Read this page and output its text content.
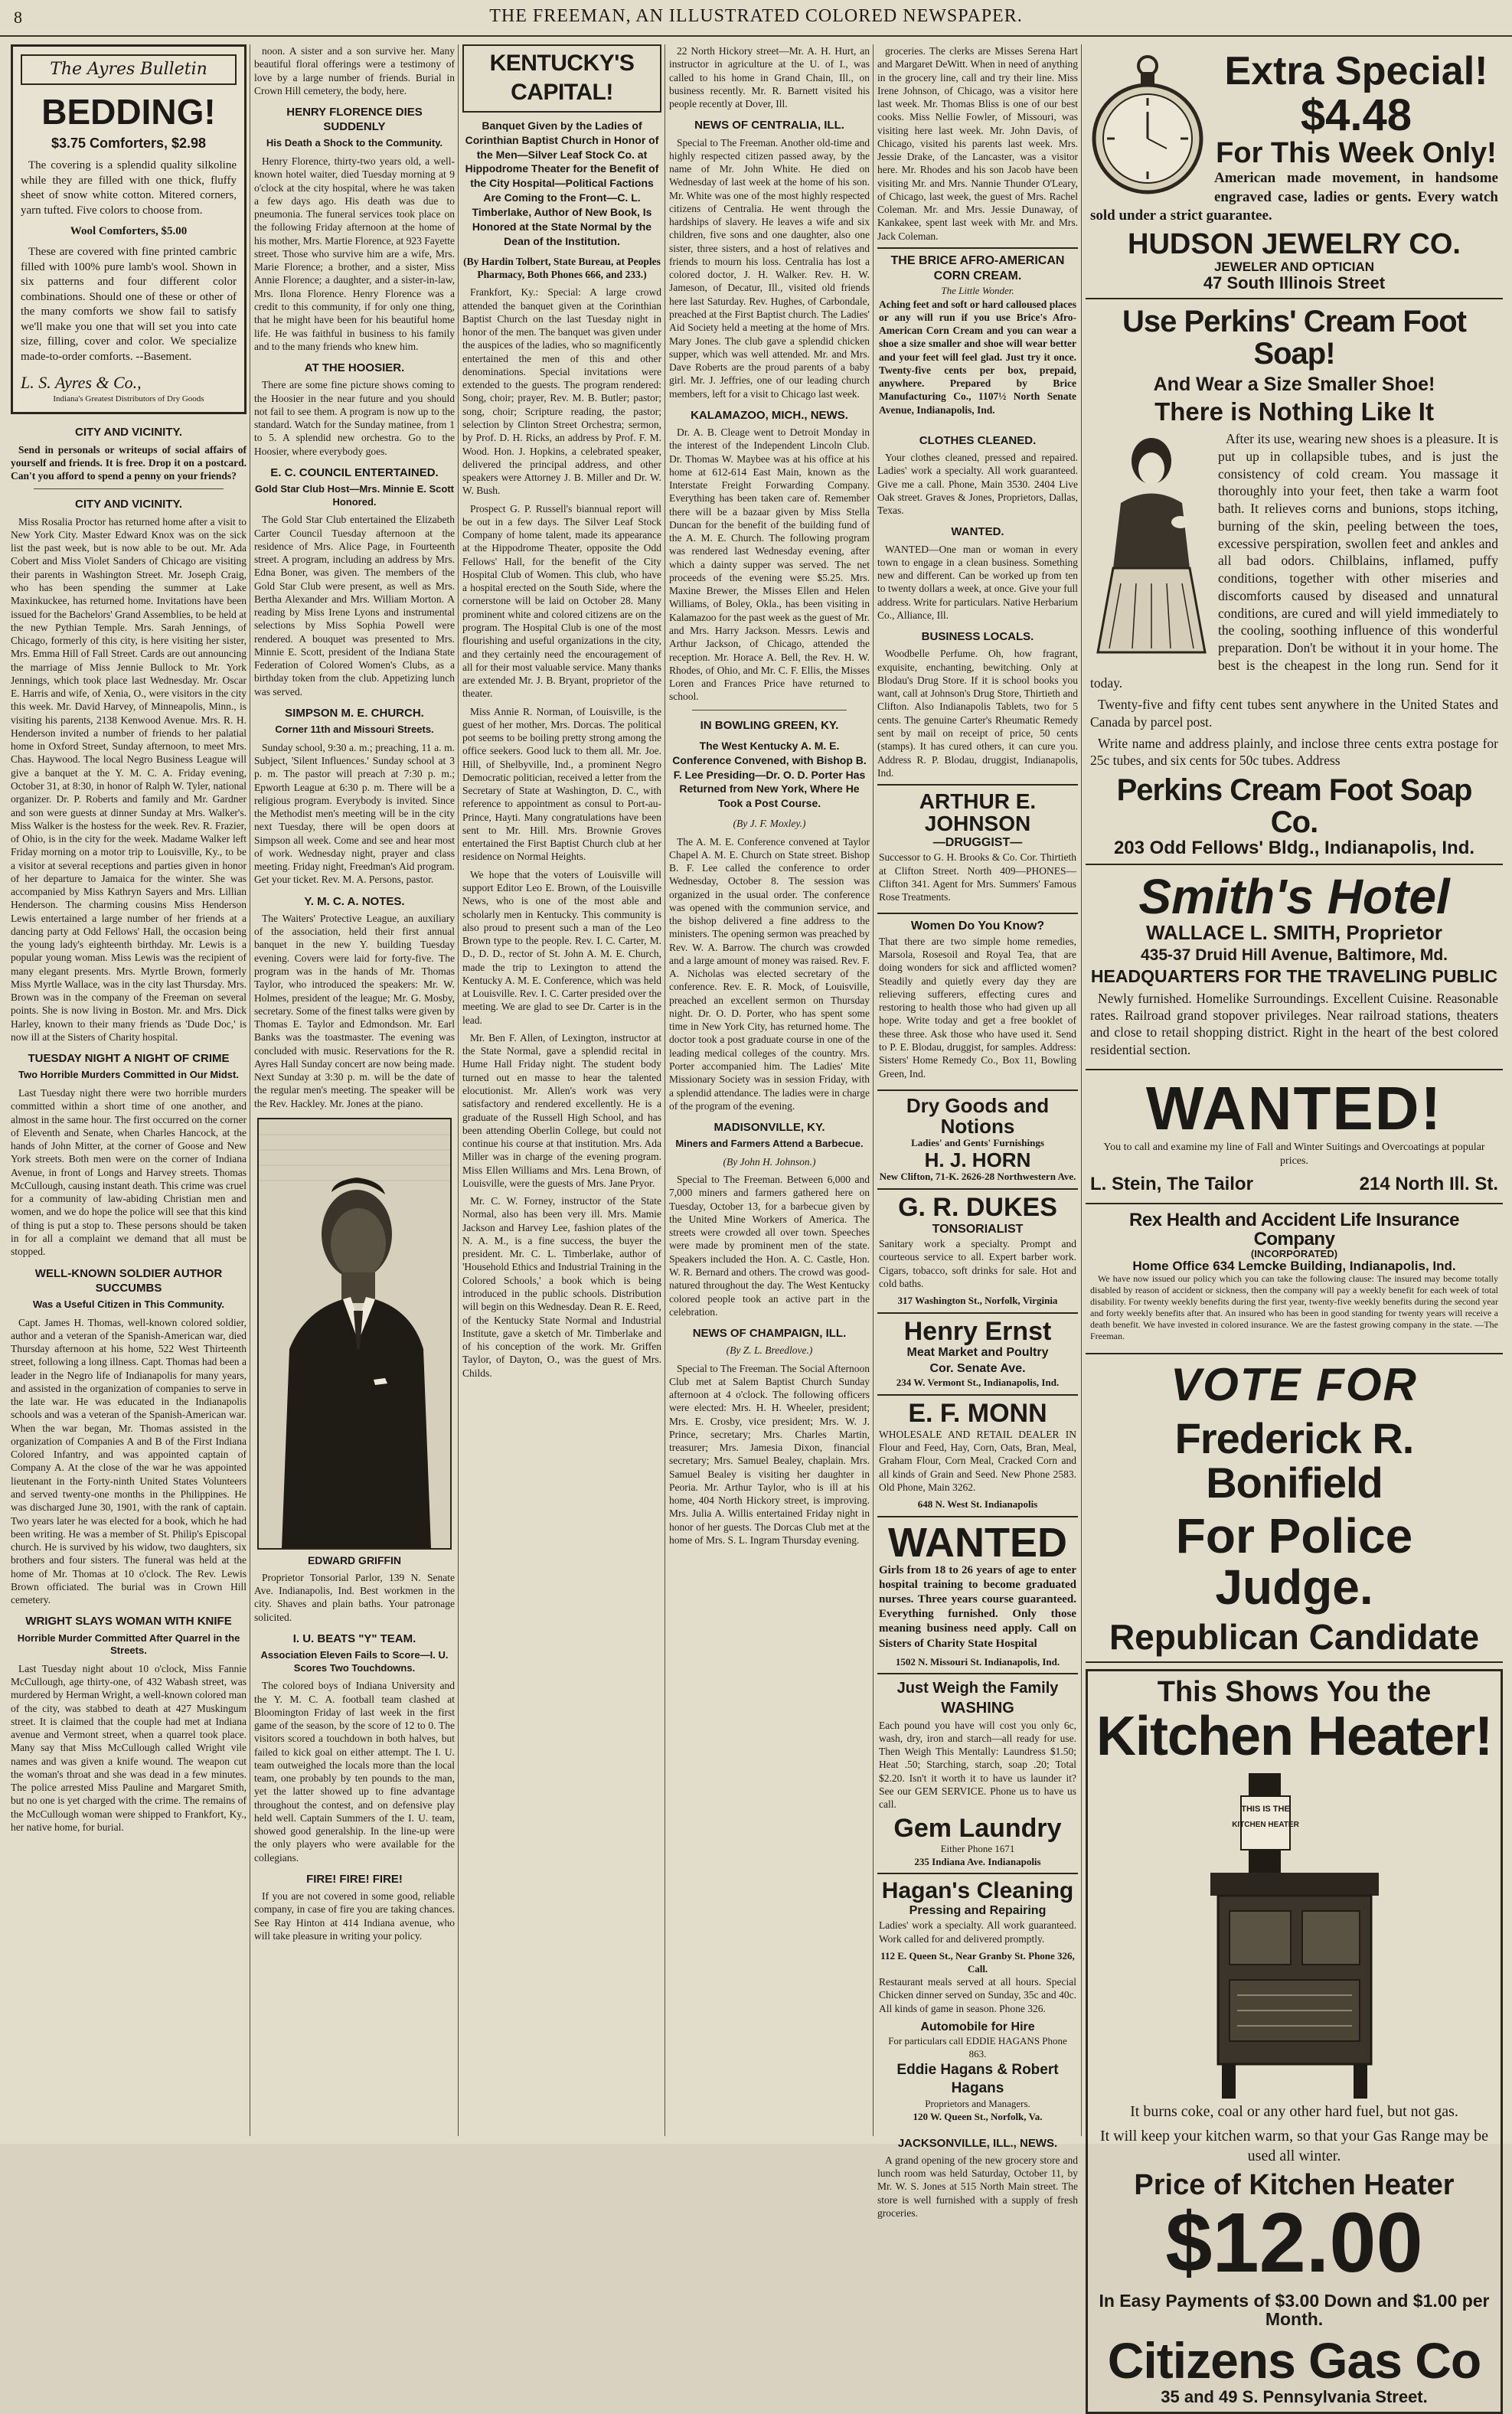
8	THE FREEMAN, AN ILLUSTRATED COLORED NEWSPAPER.
The Ayres Bulletin
BEDDING!
$3.75 Comforters, $2.98

The covering is a splendid quality silkoline while they are filled with one thick, fluffy sheet of snow white cotton. Mitered corners, yarn tufted. Five colors to choose from.

Wool Comforters, $5.00

These are covered with fine printed cambric filled with 100% pure lamb's wool. Shown in six patterns and four different color combinations. Should one of these or other of the many comforts we show fail to satisfy we'll make you one that will set you into cate size, filling, cover and color. We specialize made-to-order comforts. --Basement.

L. S. Ayres & Co.,
Indiana's Greatest Distributors of Dry Goods
CITY AND VICINITY.

Send in personals or writeups of social affairs of yourself and friends. It is free. Drop it on a postcard. Can't you afford to spend a penny on your friends?

CITY AND VICINITY.

Miss Rosalia Proctor has returned home after a visit to New York City. Master Edward Knox was on the sick list the past week, but is now able to be out. Mr. Ada Cobert and Miss Violet Sanders of Chicago are visiting their parents in Washington Street. Mr. Joseph Craig, who has been spending the summer at Lake Maxinkuckee, has returned home. Invitations have been issued for the Bachelors' Grand Assemblies, to be held at the new Pythian Temple. Mrs. Sarah Jennings, of Chicago, formerly of this city, is here visiting her sister, Mrs. Emma Hill of Fall Street. Cards are out announcing the marriage of Miss Jennie Bullock to Mr. York Jennings, which took place last Wednesday. Mr. Oscar E. Harris and wife, of Xenia, O., were visitors in the city this week. Mr. David Harvey, of Minneapolis, Minn., is visiting his parents, 2138 Kenwood Avenue. Mrs. R. H. Henderson invited a number of friends to her palatial home in Oxford Street, Sunday afternoon, to meet Mrs. Chas. Haywood. The local Negro Business League will give a banquet at the Y. M. C. A. Friday evening, October 31, at 8:30, in honor of Ralph W. Tyler, national organizer. Dr. P. Roberts and family and Mr. Gardner and son were guests at dinner Sunday at Mrs. Walker's. Miss Walker is the hostess for the week. Rev. R. Frazier, of Ohio, is in the city for the week. Madame Walker left Friday morning on a motor trip to Louisville, Ky., to be a visitor at several receptions and parties given in honor of her departure to Jamaica for the winter. She was accompanied by Miss Kathryn Sayers and Mrs. Lillian Henderson. The charming cousins Miss Henderson Lewis entertained a large number of her friends at a dancing party at Odd Fellows' Hall, the occasion being the young lady's eighteenth birthday. Mr. Lewis is a popular young woman. Miss Lewis was the recipient of many elegant presents. Mrs. Myrtle Brown, formerly Miss Myrtle Wallace, was in the city last Thursday. Mrs. Brown was in the company of the Freeman on several points. She is now living in Boston. Mr. and Mrs. Dick Harley, known to their many friends as 'Dude Doc,' is now ill at the Sisters of Charity hospital.

TUESDAY NIGHT A NIGHT OF CRIME
Two Horrible Murders Committed in Our Midst.

Last Tuesday night there were two horrible murders committed within a short time of one another, and almost in the same hour. The first occurred on the corner of Eleventh and Senate, when Charles Hancock, at the hands of John Mitter, at the corner of Goose and New York streets. Both men were on the corner of Indiana Avenue, in front of Longs and Harvey streets. Thomas McCullough, causing instant death. This crime was cruel for a community of law-abiding Christian men and women, and we do hope the police will see that this kind of thing is put a stop to. These persons should be taken in for all a complaint we demand that all must be stopped.

WELL-KNOWN SOLDIER AUTHOR SUCCUMBS
Was a Useful Citizen in This Community.

Capt. James H. Thomas, well-known colored soldier, author and a veteran of the Spanish-American war, died Thursday afternoon at his home, 522 West Thirteenth street, following a long illness. Capt. Thomas had been a leader in the Negro life of Indianapolis for many years, and assisted in the organization of companies to serve in the late war. He was educated in the Indianapolis schools and was a veteran of the Spanish-American war. When the war began, Mr. Thomas assisted in the organization of Companies A and B of the First Indiana Colored Infantry, and was appointed captain of Company A. At the close of the war he was appointed lieutenant in the Forty-ninth United States Volunteers and served twenty-one months in the Philippines. He was discharged June 30, 1901, with the rank of captain. Two years later he was elected for a book, which he had been writing. He was a member of St. Philip's Episcopal church. He is survived by his widow, two daughters, six brothers and four sisters. The funeral was held at the home of Mr. Thomas at 10 o'clock. The Rev. Lewis Brown officiated. The burial was in Crown Hill cemetery.

WRIGHT SLAYS WOMAN WITH KNIFE
Horrible Murder Committed After Quarrel in the Streets.

Last Tuesday night about 10 o'clock, Miss Fannie McCullough, age thirty-one, of 432 Wabash street, was murdered by Herman Wright, a well-known colored man of the city, was stabbed to death at 427 Muskingum street. It is claimed that the couple had met at Indiana avenue and Vermont street, when a quarrel took place. Many say that Miss McCullough called Wright vile names and was given a knife wound. The weapon cut the woman's throat and she was dead in a few minutes. The police arrested Miss Pauline and Margaret Smith, but no one is yet charged with the crime. The remains of the McCullough woman were shipped to Frankfort, Ky., her native home, for burial.

noon. A sister and a son survive her. Many beautiful floral offerings were a testimony of love by a large number of friends. Burial in Crown Hill cemetery, the body, here.

HENRY FLORENCE DIES SUDDENLY
His Death a Shock to the Community.

Henry Florence, thirty-two years old, a well-known hotel waiter, died Tuesday morning at 9 o'clock at the city hospital, where he was taken a few days ago. His death was due to pneumonia. The funeral services took place on the following Friday afternoon at the home of his mother, Mrs. Martie Florence, at 923 Fayette street. Those who survive him are a wife, Mrs. Marie Florence; a brother, and a sister, Miss Annie Florence; a daughter, and a sister-in-law, Mrs. Ilona Florence. Henry Florence was a credit to this community, if for only one thing, that he might have been for his beautiful home life. He was faithful in business to his family and to the many friends who knew him.

AT THE HOOSIER.

There are some fine picture shows coming to the Hoosier in the near future and you should not fail to see them. A program is now up to the standard. Watch for the Sunday matinee, from 1 to 5. A splendid new orchestra. Go to the Hoosier, where everybody goes.

E. C. COUNCIL ENTERTAINED.
Gold Star Club Host—Mrs. Minnie E. Scott Honored.

The Gold Star Club entertained the Elizabeth Carter Council Tuesday afternoon at the residence of Mrs. Alice Page, in Fourteenth street. A program, including an address by Mrs. Edna Boner, was given. The members of the Gold Star Club were present, as well as Mrs. Bertha Alexander and Mrs. William Morton. A reading by Miss Irene Lyons and instrumental selections by Miss Sophia Powell were rendered. A bouquet was presented to Mrs. Minnie E. Scott, president of the Indiana State Federation of Colored Women's Clubs, as a birthday token from the club. Appetizing lunch was served.

SIMPSON M. E. CHURCH.
Corner 11th and Missouri Streets.

Sunday school, 9:30 a. m.; preaching, 11 a. m. Subject, 'Silent Influences.' Sunday school at 3 p. m. The pastor will preach at 7:30 p. m.; Epworth League at 6:30 p. m. There will be a religious program. Everybody is invited. Since the Methodist men's meeting will be in the city next Tuesday, there will be open doors at Simpson all week. Come and see and hear most of work. Wednesday night, prayer and class meeting. Friday night, Freedman's Aid program. Get your ticket. Rev. M. A. Persons, pastor.

Y. M. C. A. NOTES.

The Waiters' Protective League, an auxiliary of the association, held their first annual banquet in the new Y. building Tuesday evening. Covers were laid for forty-five. The program was in the hands of Mr. Thomas Taylor, who introduced the speakers: Mr. W. Holmes, president of the league; Mr. G. Mosby, secretary. Some of the finest talks were given by Thomas E. Taylor and Edmondson. Mr. Earl Banks was the toastmaster. The evening was concluded with music. Reservations for the R. Ayres Hall Sunday concert are now being made. Next Sunday at 3:30 p. m. will be the date of the regular men's meeting. The speaker will be the Rev. Hackley. Mr. Jones at the piano.

EDWARD GRIFFIN

Proprietor Tonsorial Parlor, 139 N. Senate Ave. Indianapolis, Ind. Best workmen in the city. Shaves and plain baths. Your patronage solicited.

I. U. BEATS "Y" TEAM.
Association Eleven Fails to Score—I. U. Scores Two Touchdowns.

The colored boys of Indiana University and the Y. M. C. A. football team clashed at Bloomington Friday of last week in the first game of the season, by the score of 12 to 0. The visitors scored a touchdown in both halves, but failed to kick goal on either attempt. The I. U. team outweighed the locals more than the local team, one probably by ten pounds to the man, yet the latter showed up to fine advantage throughout the contest, and on defensive play held well. Captain Summers of the I. U. team, showed good generalship. In the line-up were the only players who were available for the collegians.

FIRE! FIRE! FIRE!

If you are not covered in some good, reliable company, in case of fire you are taking chances. See Ray Hinton at 414 Indiana avenue, who will take pleasure in writing your policy.

KENTUCKY'S CAPITAL!
Banquet Given by the Ladies of Corinthian Baptist Church in Honor of the Men—Silver Leaf Stock Co. at Hippodrome Theater for the Benefit of the City Hospital—Political Factions Are Coming to the Front—C. L. Timberlake, Author of New Book, Is Honored at the State Normal by the Dean of the Institution.
(By Hardin Tolbert, State Bureau, at Peoples Pharmacy, Both Phones 666, and 233.)

Frankfort, Ky.: Special: A large crowd attended the banquet given at the Corinthian Baptist Church on the last Tuesday night in honor of the men. The banquet was given under the auspices of the ladies, who so magnificently entertained the men of this and other denominations. Special invitations were extended to the guests. The program rendered: Song, choir; prayer, Rev. M. B. Butler; pastor; song, choir; Scripture reading, the pastor; selection by Clinton Street Orchestra; sermon, by Prof. D. H. Ricks, an address by Prof. F. M. Wood. Hon. J. Hopkins, a celebrated speaker, delivered the principal address, and other speakers were Attorney J. B. Miller and Dr. W. W. Bush.

Prospect G. P. Russell's biannual report will be out in a few days. The Silver Leaf Stock Company of home talent, made its appearance at the Hippodrome Theater, opposite the Odd Fellows' Hall, for the benefit of the City Hospital Club of Women. This club, who have a hospital erected on the South Side, where the cornerstone will be laid on October 28. Many prominent white and colored citizens are on the program. The Hospital Club is one of the most flourishing and useful organizations in the city, and they certainly need the encouragement of all for their most valuable service. Many thanks are extended Mr. J. B. Bryant, proprietor of the theater.

Miss Annie R. Norman, of Louisville, is the guest of her mother, Mrs. Dorcas. The political pot seems to be boiling pretty strong among the office seekers. Good luck to them all. Mr. Joe. Hill, of Shelbyville, Ind., a prominent Negro Democratic politician, received a letter from the Secretary of State at Washington, D. C., with reference to appointment as consul to Port-au-Prince, Hayti. Many congratulations have been sent to Mr. Hill. Mrs. Brownie Groves entertained the First Baptist Church club at her residence on Normal Heights.

We hope that the voters of Louisville will support Editor Leo E. Brown, of the Louisville News, who is one of the most able and scholarly men in Kentucky. This community is also proud to present such a man of the Leo Brown type to the people. Rev. I. C. Carter, M. D., D. D., rector of St. John A. M. E. Church, made the trip to Lexington to attend the Kentucky A. M. E. Conference, which was held at Louisville. Rev. I. C. Carter presided over the meeting. We are glad to see Dr. Carter is in the lead.

Mr. Ben F. Allen, of Lexington, instructor at the State Normal, gave a splendid recital in Hume Hall Friday night. The student body turned out en masse to hear the talented elocutionist. Mr. Allen's work was very satisfactory and rendered excellently. He is a graduate of the Russell High School, and has been attending Oberlin College, but could not continue his course at that institution. Mrs. Ada Miller was in charge of the evening program. Miss Ellen Williams and Mrs. Lena Brown, of Louisville, were the guests of Mrs. Jane Pryor.

Mr. C. W. Forney, instructor of the State Normal, also has been very ill. Mrs. Mamie Jackson and Harvey Lee, fashion plates of the N. A. M., is a fine success, the buyer the president. Mr. C. L. Timberlake, author of 'Household Ethics and Industrial Training in the Colored Schools,' a book which is being introduced in the public schools. Distribution will begin on this Wednesday. Dean R. E. Reed, of the Kentucky State Normal and Industrial Institute, gave a sketch of Mr. Timberlake and of his conception of the work. Mr. Griffen Taylor, of Dayton, O., was the guest of Mrs. Childs.

22 North Hickory street—Mr. A. H. Hurt, an instructor in agriculture at the U. of I., was called to his home in Grand Chain, Ill., on business recently. Mr. R. Barnett visited his people recently at Dover, Ill.

NEWS OF CENTRALIA, ILL.

Special to The Freeman. Another old-time and highly respected citizen passed away, by the name of Mr. John White. He died on Wednesday of last week at the home of his son. Mr. White was one of the most highly respected citizens of Centralia. He went through the hardships of slavery. He leaves a wife and six children, five sons and one daughter, also one sister, three sisters, and a host of relatives and friends to mourn his loss. Centralia has lost a colored doctor, J. H. Walker. Rev. H. W. Jameson, of Decatur, Ill., visited old friends here last Saturday. Rev. Hughes, of Carbondale, preached at the First Baptist church. The Ladies' Aid Society held a meeting at the home of Mrs. Mary Jones. The club gave a splendid chicken supper, which was well attended. Mr. and Mrs. Dave Roberts are the proud parents of a baby girl. Mr. J. Jeffries, one of our leading church members, left for a visit to Chicago last week.

KALAMAZOO, MICH., NEWS.

Dr. A. B. Cleage went to Detroit Monday in the interest of the Independent Lincoln Club. Dr. Thomas W. Maybee was at his office at his home at 612-614 East Main, known as the Interstate Freight Forwarding Company. Everything has been taken care of. Remember there will be a bazaar given by Miss Stella Duncan for the benefit of the building fund of the A. M. E. Church. The following program was rendered last Wednesday evening, after which a dainty supper was served. The net proceeds of the evening were $5.25. Mrs. Maxine Brewer, the Misses Ellen and Helen Williams, of Boley, Okla., has been visiting in Kalamazoo for the past week as the guest of Mr. and Mrs. Harry Jackson. Messrs. Lewis and Arthur Jackson, of Chicago, attended the reception. Mr. Horace A. Bell, the Rev. H. W. Rhodes, of Ohio, and Mr. C. F. Ellis, the Misses Loren and Frances Price have returned to school.

IN BOWLING GREEN, KY.
The West Kentucky A. M. E. Conference Convened, with Bishop B. F. Lee Presiding—Dr. O. D. Porter Has Returned from New York, Where He Took a Post Course.
(By J. F. Moxley.)

The A. M. E. Conference convened at Taylor Chapel A. M. E. Church on State street. Bishop B. F. Lee called the conference to order Wednesday, October 8. The session was organized in the usual order. The conference was opened with the communion service, and the bishop delivered a fine address to the ministers. The opening sermon was preached by Rev. W. A. Barrow. The church was crowded and a large amount of money was raised. Rev. F. A. Nicholas was elected secretary of the conference. Rev. E. R. Mock, of Louisville, preached an excellent sermon on Thursday night. Dr. O. D. Porter, who has spent some time in New York City, has returned home. The doctor took a post graduate course in one of the leading medical colleges of the country. Mrs. Porter accompanied him. The Ladies' Mite Missionary Society was in session Friday, with a splendid attendance. The ladies were in charge of the program of the evening.

MADISONVILLE, KY.
Miners and Farmers Attend a Barbecue.
(By John H. Johnson.)

Special to The Freeman. Between 6,000 and 7,000 miners and farmers gathered here on Tuesday, October 13, for a barbecue given by the United Mine Workers of America. The streets were crowded all over town. Speeches were made by prominent men of the state. Speakers included the Hon. A. C. Castle, Hon. W. R. Bernard and others. The crowd was good-natured throughout the day. The West Kentucky colored people took an active part in the celebration.

NEWS OF CHAMPAIGN, ILL.
(By Z. L. Breedlove.)

Special to The Freeman. The Social Afternoon Club met at Salem Baptist Church Sunday afternoon at 4 o'clock. The following officers were elected: Mrs. H. H. Wheeler, president; Mrs. E. Crosby, vice president; Mrs. W. J. Prince, secretary; Mrs. Charles Martin, treasurer; Mrs. Jamesia Dixon, financial secretary; Mrs. Samuel Bealey, chaplain. Mrs. Samuel Bealey is visiting her daughter in Peoria. Mr. Arthur Taylor, who is ill at his home, 404 North Hickory street, is improving. Mrs. Julia A. Willis entertained Friday night in honor of her guests. The Dorcas Club met at the home of Mrs. S. L. Ingram Thursday evening.

groceries. The clerks are Misses Serena Hart and Margaret DeWitt. When in need of anything in the grocery line, call and try their line. Miss Irene Johnson, of Chicago, was a visitor here last week. Mr. Thomas Bliss is one of our best cooks. Miss Nellie Fowler, of Missouri, was visiting here last week. Mr. John Davis, of Chicago, visited his parents last week. Mrs. Jessie Drake, of the Lancaster, was a visitor here. Mr. Rhodes and his son Jacob have been visiting Mr. and Mrs. Nannie Thunder O'Leary, of Chicago, last week, the guest of Mrs. Rachel Coleman. Mr. and Mrs. Jessie Dunaway, of Kankakee, spent last week with Mr. and Mrs. Jack Coleman.

THE BRICE AFRO-AMERICAN CORN CREAM.
The Little Wonder.

Aching feet and soft or hard calloused places or any will run if you use Brice's Afro-American Corn Cream and you can wear a shoe a size smaller and shoe will wear better and your feet will feel glad. Just try it once. Twenty-five cents per box, prepaid, anywhere. Prepared by Brice Manufacturing Co., 1107½ North Senate Avenue, Indianapolis, Ind.

CLOTHES CLEANED.

Your clothes cleaned, pressed and repaired. Ladies' work a specialty. All work guaranteed. Give me a call. Phone, Main 3530. 2404 Live Oak street. Graves & Jones, Proprietors, Dallas, Texas.

WANTED.

WANTED—One man or woman in every town to engage in a clean business. Something new and different. Can be worked up from ten to twenty dollars a week, at once. Give your full address. Write for particulars. Native Herbarium Co., Alliance, Ill.

BUSINESS LOCALS.

Woodbelle Perfume. Oh, how fragrant, exquisite, enchanting, bewitching. Only at Blodau's Drug Store. If it is school books you want, call at Johnson's Drug Store, Thirtieth and Clifton. Also Indianapolis Tablets, two for 5 cents. The genuine Carter's Rheumatic Remedy sent by mail on receipt of price, 50 cents (stamps). It has cured others, it can cure you. Address R. P. Blodau, druggist, Indianapolis, Ind.

ARTHUR E. JOHNSON
—DRUGGIST—

Successor to G. H. Brooks & Co. Cor. Thirtieth at Clifton Street. North 409—PHONES—Clifton 341. Agent for Mrs. Summers' Famous Rose Treatments.

Women Do You Know?

That there are two simple home remedies, Marsola, Rosesoil and Royal Tea, that are doing wonders for sick and afflicted women? Steadily and quietly every day they are relieving sufferers, effecting cures and restoring to health those who had given up all hope. Write today and get a free booklet of these three. Ask those who have used it. Send to P. E. Blodau, druggist, for samples. Address: Sisters' Home Remedy Co., Box 11, Bowling Green, Ind.

Dry Goods and Notions
Ladies' and Gents' Furnishings
H. J. HORN
New Clifton, 71-K. 2626-28 Northwestern Ave.
G. R. DUKES
TONSORIALIST

Sanitary work a specialty. Prompt and courteous service to all. Expert barber work. Cigars, tobacco, soft drinks for sale. Hot and cold baths.

317 Washington St., Norfolk, Virginia
Henry Ernst
Meat Market and Poultry
Cor. Senate Ave.
234 W. Vermont St., Indianapolis, Ind.
E. F. MONN

WHOLESALE AND RETAIL DEALER IN Flour and Feed, Hay, Corn, Oats, Bran, Meal, Graham Flour, Corn Meal, Cracked Corn and all kinds of Grain and Seed. New Phone 2583. Old Phone, Main 3262.

648 N. West St. Indianapolis
WANTED

Girls from 18 to 26 years of age to enter hospital training to become graduated nurses. Three years course guaranteed. Everything furnished. Only those meaning business need apply. Call on Sisters of Charity State Hospital

1502 N. Missouri St. Indianapolis, Ind.
Just Weigh the Family WASHING

Each pound you have will cost you only 6c, wash, dry, iron and starch—all ready for use. Then Weigh This Mentally: Laundress $1.50; Heat .50; Starching, starch, soap .20; Total $2.20. Isn't it worth it to have us launder it? See our GEM SERVICE. Phone us to have us call.

Gem Laundry
Either Phone 1671
235 Indiana Ave. Indianapolis
Hagan's Cleaning
Pressing and Repairing

Ladies' work a specialty. All work guaranteed. Work called for and delivered promptly.

112 E. Queen St., Near Granby St. Phone 326, Call.

Restaurant meals served at all hours. Special Chicken dinner served on Sunday, 35c and 40c. All kinds of game in season. Phone 326.

Automobile for Hire
For particulars call EDDIE HAGANS Phone 863.
Eddie Hagans & Robert Hagans
Proprietors and Managers.
120 W. Queen St., Norfolk, Va.
JACKSONVILLE, ILL., NEWS.

A grand opening of the new grocery store and lunch room was held Saturday, October 11, by Mr. W. S. Jones at 515 North Main street. The store is well furnished with a supply of fresh groceries.

Extra Special!
$4.48
For This Week Only!

American made movement, in handsome engraved case, ladies or gents. Every watch sold under a strict guarantee.

HUDSON JEWELRY CO.
JEWELER AND OPTICIAN
47 South Illinois Street
Use Perkins' Cream Foot Soap!
And Wear a Size Smaller Shoe!
There is Nothing Like It

After its use, wearing new shoes is a pleasure. It is put up in collapsible tubes, and is just the consistency of cold cream. You massage it thoroughly into your feet, then take a warm foot bath. It relieves corns and bunions, stops itching, burning of the skin, peeling between the toes, excessive perspiration, swollen feet and ankles and all bad odors. Chilblains, inflamed, puffy conditions, together with other miseries and discomforts caused by diseased and unnatural conditions, are cured and will yield immediately to the cooling, soothing influence of this wonderful preparation. Don't be without it in your home. The best is the cheapest in the long run. Send for it today.

Twenty-five and fifty cent tubes sent anywhere in the United States and Canada by parcel post.

Write name and address plainly, and inclose three cents extra postage for 25c tubes, and six cents for 50c tubes. Address

Perkins Cream Foot Soap Co.
203 Odd Fellows' Bldg., Indianapolis, Ind.
Smith's Hotel
WALLACE L. SMITH, Proprietor
435-37 Druid Hill Avenue, Baltimore, Md.
HEADQUARTERS FOR THE TRAVELING PUBLIC

Newly furnished. Homelike Surroundings. Excellent Cuisine. Reasonable rates. Railroad grand stopover privileges. Near railroad stations, theaters and close to retail shopping district. Right in the heart of the best colored residential section.

WANTED!

You to call and examine my line of Fall and Winter Suitings and Overcoatings at popular prices.

L. Stein, The Tailor	214 North Ill. St.
Rex Health and Accident Life Insurance Company
(INCORPORATED)
Home Office 634 Lemcke Building, Indianapolis, Ind.

We have now issued our policy which you can take the following clause: The insured may become totally disabled by reason of accident or sickness, then the company will pay a weekly benefit for each week of total disability. For twenty weekly benefits during the first year, twenty-five weekly benefits during the second year and forty weekly benefits after that. An insured who has been in good standing for twenty years will receive a death benefit. We have invested in colored insurance. We are the fastest growing company in the state. —The Freeman.

VOTE FOR
Frederick R. Bonifield
For Police Judge.
Republican Candidate
This Shows You the
Kitchen Heater!
THIS IS THE
KITCHEN HEATER

It burns coke, coal or any other hard fuel, but not gas.

It will keep your kitchen warm, so that your Gas Range may be used all winter.

Price of Kitchen Heater
$12.00
In Easy Payments of $3.00 Down and $1.00 per Month.
Citizens Gas Co
35 and 49 S. Pennsylvania Street.
